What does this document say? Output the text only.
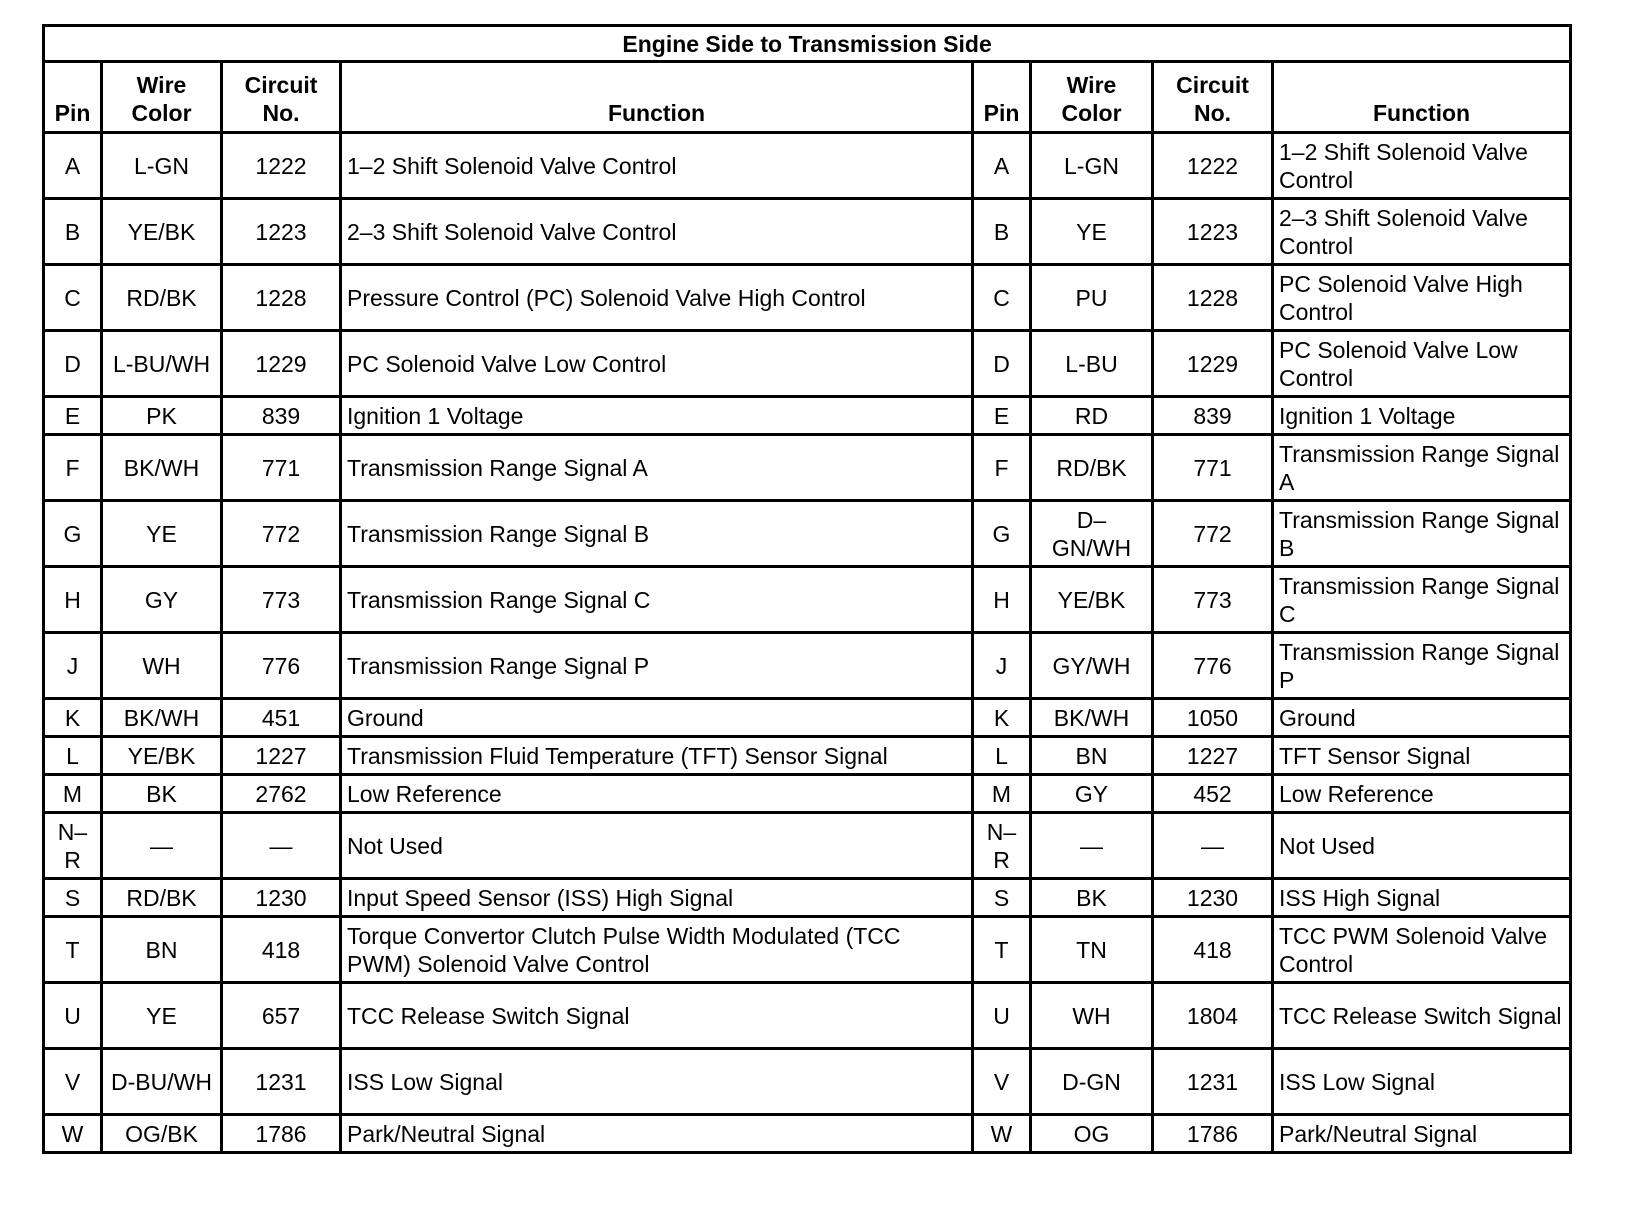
Engine Side to Transmission Side							
Pin	Wire Color	Circuit No.	Function	Pin	Wire Color	Circuit No.	Function
A	L-GN	1222	1–2 Shift Solenoid Valve Control	A	L-GN	1222	1–2 Shift Solenoid Valve Control
B	YE/BK	1223	2–3 Shift Solenoid Valve Control	B	YE	1223	2–3 Shift Solenoid Valve Control
C	RD/BK	1228	Pressure Control (PC) Solenoid Valve High Control	C	PU	1228	PC Solenoid Valve High Control
D	L-BU/WH	1229	PC Solenoid Valve Low Control	D	L-BU	1229	PC Solenoid Valve Low Control
E	PK	839	Ignition 1 Voltage	E	RD	839	Ignition 1 Voltage
F	BK/WH	771	Transmission Range Signal A	F	RD/BK	771	Transmission Range Signal A
G	YE	772	Transmission Range Signal B	G	D–GN/WH	772	Transmission Range Signal B
H	GY	773	Transmission Range Signal C	H	YE/BK	773	Transmission Range Signal C
J	WH	776	Transmission Range Signal P	J	GY/WH	776	Transmission Range Signal P
K	BK/WH	451	Ground	K	BK/WH	1050	Ground
L	YE/BK	1227	Transmission Fluid Temperature (TFT) Sensor Signal	L	BN	1227	TFT Sensor Signal
M	BK	2762	Low Reference	M	GY	452	Low Reference
N–R	—	—	Not Used	N–R	—	—	Not Used
S	RD/BK	1230	Input Speed Sensor (ISS) High Signal	S	BK	1230	ISS High Signal
T	BN	418	Torque Convertor Clutch Pulse Width Modulated (TCC PWM) Solenoid Valve Control	T	TN	418	TCC PWM Solenoid Valve Control
U	YE	657	TCC Release Switch Signal	U	WH	1804	TCC Release Switch Signal
V	D-BU/WH	1231	ISS Low Signal	V	D-GN	1231	ISS Low Signal
W	OG/BK	1786	Park/Neutral Signal	W	OG	1786	Park/Neutral Signal
